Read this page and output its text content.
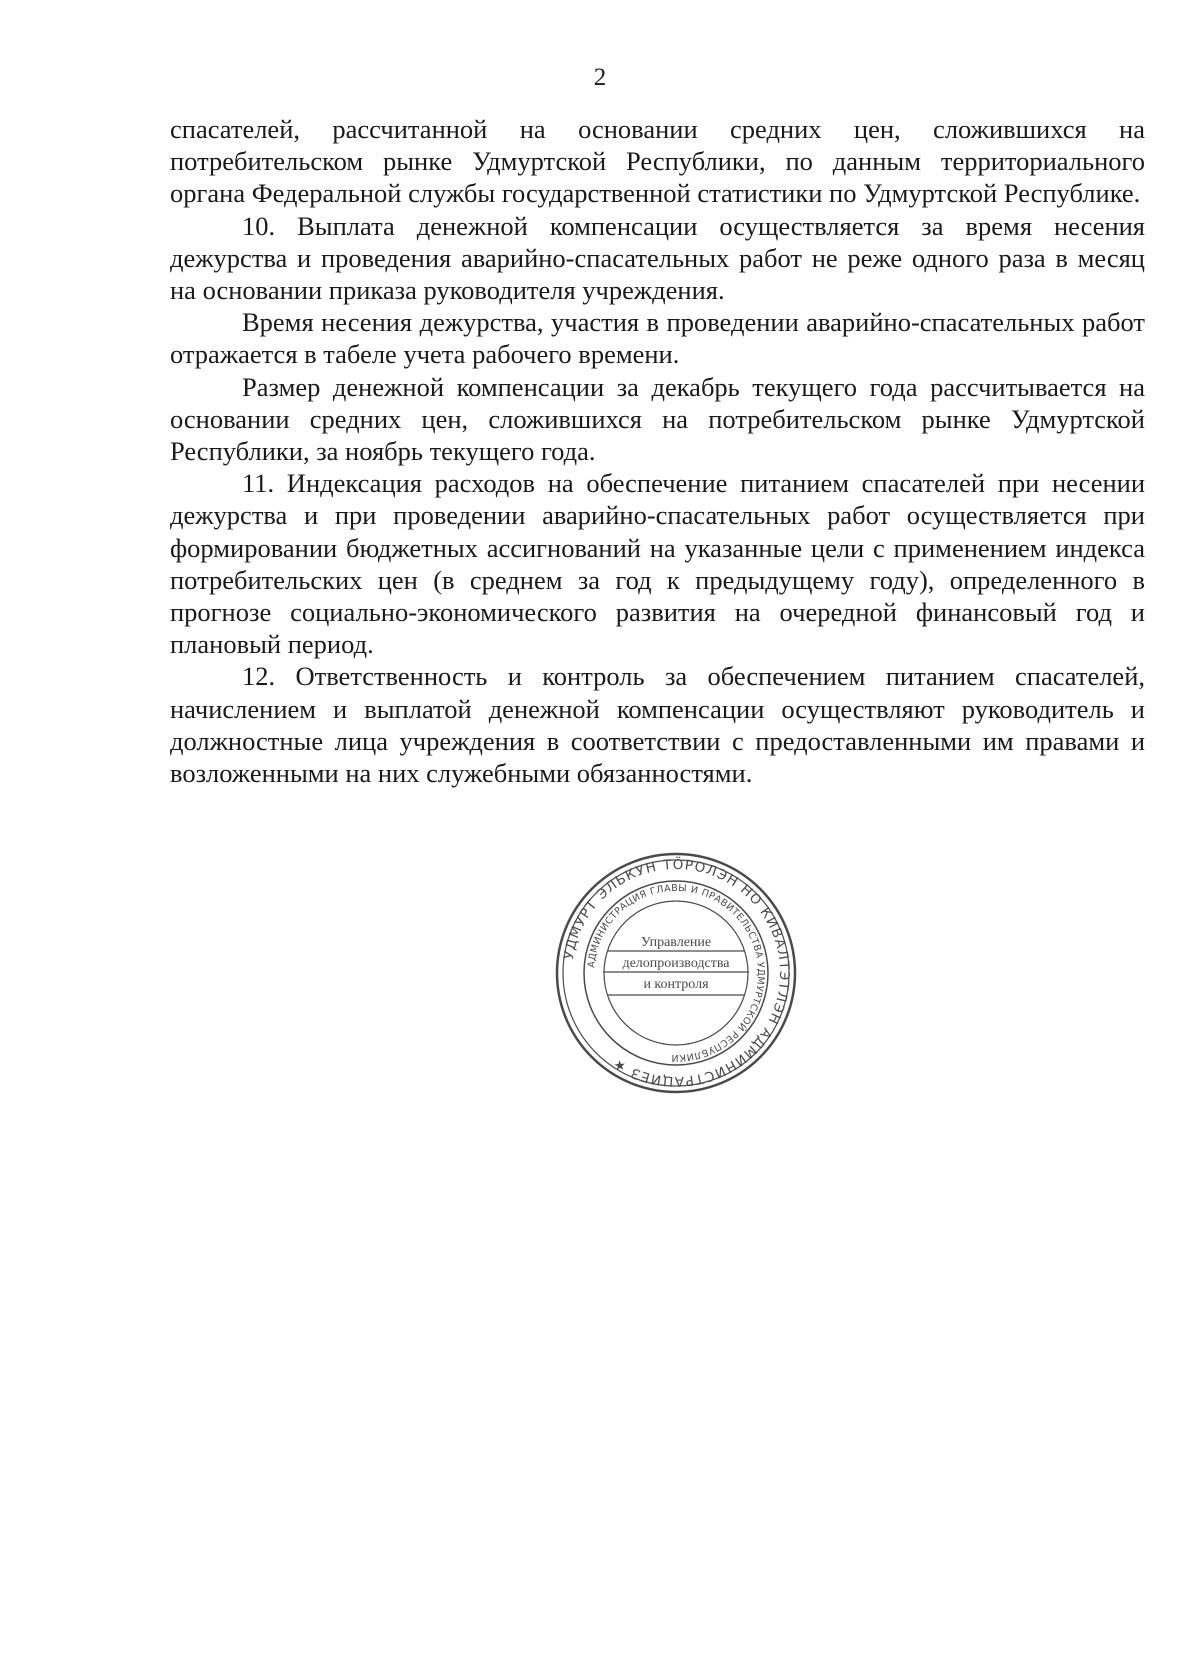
2

спасателей, рассчитанной на основании средних цен, сложившихся на потребительском рынке Удмуртской Республики, по данным территориального органа Федеральной службы государственной статистики по Удмуртской Республике.

10. Выплата денежной компенсации осуществляется за время несения дежурства и проведения аварийно-спасательных работ не реже одного раза в месяц на основании приказа руководителя учреждения.

Время несения дежурства, участия в проведении аварийно-спасательных работ отражается в табеле учета рабочего времени.

Размер денежной компенсации за декабрь текущего года рассчитывается на основании средних цен, сложившихся на потребительском рынке Удмуртской Республики, за ноябрь текущего года.

11. Индексация расходов на обеспечение питанием спасателей при несении дежурства и при проведении аварийно-спасательных работ осуществляется при формировании бюджетных ассигнований на указанные цели с применением индекса потребительских цен (в среднем за год к предыдущему году), определенного в прогнозе социально-экономического развития на очередной финансовый год и плановый период.

12. Ответственность и контроль за обеспечением питанием спасателей, начислением и выплатой денежной компенсации осуществляют руководитель и должностные лица учреждения в соответствии с предоставленными им правами и возложенными на них служебными обязанностями.

УДМУРТ ЭЛЬКУН ТӦРОЛЭН НО КИВАЛТЭТЛЭН АДМИНИСТРАЦИЕЗ ★
АДМИНИСТРАЦИЯ ГЛАВЫ И ПРАВИТЕЛЬСТВА УДМУРТСКОЙ РЕСПУБЛИКИ
Управление
делопроизводства
и контроля
